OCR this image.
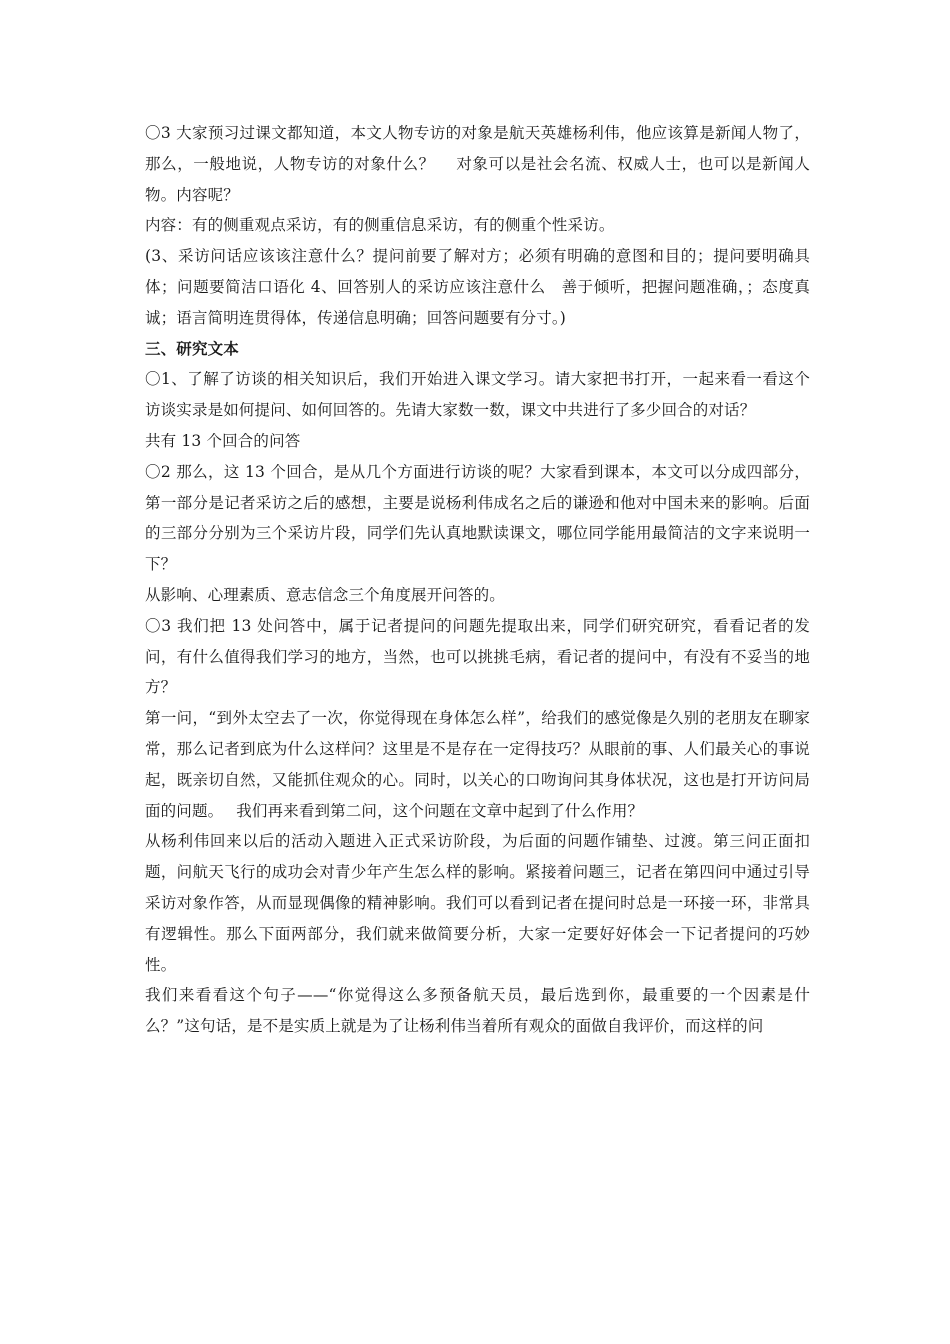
〇3 大家预习过课文都知道，本文人物专访的对象是航天英雄杨利伟，他应该算是新闻人物了，那么，一般地说，人物专访的对象什么？　 对象可以是社会名流、权威人士，也可以是新闻人物。内容呢？

内容：有的侧重观点采访，有的侧重信息采访，有的侧重个性采访。

(3、采访问话应该该注意什么？提问前要了解对方；必须有明确的意图和目的；提问要明确具体；问题要简洁口语化 4、回答别人的采访应该注意什么　善于倾听，把握问题准确，；态度真诚；语言简明连贯得体，传递信息明确；回答问题要有分寸。)

三、研究文本

〇1、了解了访谈的相关知识后，我们开始进入课文学习。请大家把书打开，一起来看一看这个访谈实录是如何提问、如何回答的。先请大家数一数，课文中共进行了多少回合的对话？

共有 13 个回合的问答

〇2 那么，这 13 个回合，是从几个方面进行访谈的呢？大家看到课本，本文可以分成四部分，第一部分是记者采访之后的感想，主要是说杨利伟成名之后的谦逊和他对中国未来的影响。后面的三部分分别为三个采访片段，同学们先认真地默读课文，哪位同学能用最简洁的文字来说明一下？

从影响、心理素质、意志信念三个角度展开问答的。

〇3 我们把 13 处问答中，属于记者提问的问题先提取出来，同学们研究研究，看看记者的发问，有什么值得我们学习的地方，当然，也可以挑挑毛病，看记者的提问中，有没有不妥当的地方？

第一问，“到外太空去了一次，你觉得现在身体怎么样”，给我们的感觉像是久别的老朋友在聊家常，那么记者到底为什么这样问？这里是不是存在一定得技巧？从眼前的事、人们最关心的事说起，既亲切自然，又能抓住观众的心。同时，以关心的口吻询问其身体状况，这也是打开访问局面的问题。　 我们再来看到第二问，这个问题在文章中起到了什么作用？

从杨利伟回来以后的活动入题进入正式采访阶段，为后面的问题作铺垫、过渡。第三问正面扣题，问航天飞行的成功会对青少年产生怎么样的影响。紧接着问题三，记者在第四问中通过引导采访对象作答，从而显现偶像的精神影响。我们可以看到记者在提问时总是一环接一环，非常具有逻辑性。那么下面两部分，我们就来做简要分析，大家一定要好好体会一下记者提问的巧妙性。

我们来看看这个句子——“你觉得这么多预备航天员，最后选到你，最重要的一个因素是什么？”这句话，是不是实质上就是为了让杨利伟当着所有观众的面做自我评价，而这样的问
